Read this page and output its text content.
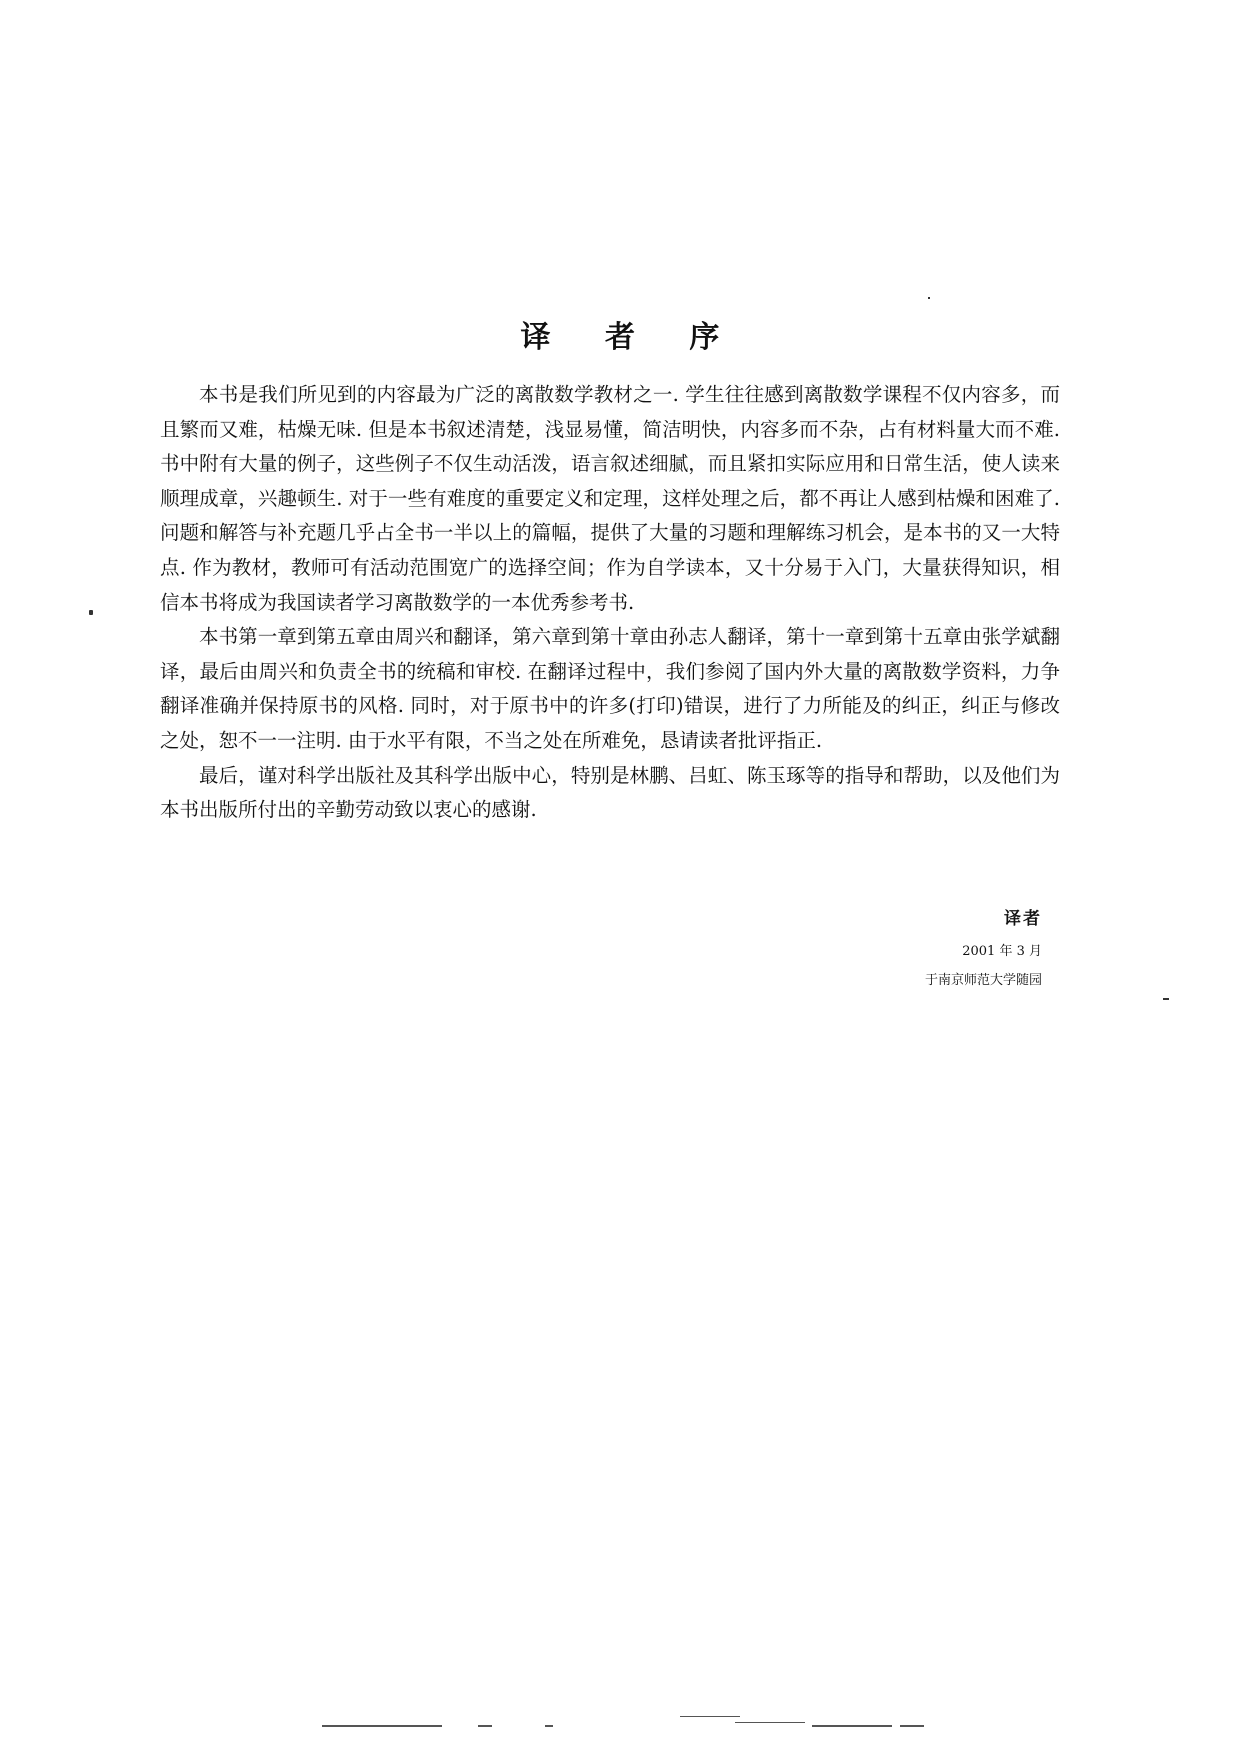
译 者 序

本书是我们所见到的内容最为广泛的离散数学教材之一. 学生往往感到离散数学课程不仅内容多，而且繁而又难，枯燥无味. 但是本书叙述清楚，浅显易懂，简洁明快，内容多而不杂，占有材料量大而不难. 书中附有大量的例子，这些例子不仅生动活泼，语言叙述细腻，而且紧扣实际应用和日常生活，使人读来顺理成章，兴趣顿生. 对于一些有难度的重要定义和定理，这样处理之后，都不再让人感到枯燥和困难了. 问题和解答与补充题几乎占全书一半以上的篇幅，提供了大量的习题和理解练习机会，是本书的又一大特点. 作为教材，教师可有活动范围宽广的选择空间；作为自学读本，又十分易于入门，大量获得知识，相信本书将成为我国读者学习离散数学的一本优秀参考书.

本书第一章到第五章由周兴和翻译，第六章到第十章由孙志人翻译，第十一章到第十五章由张学斌翻译，最后由周兴和负责全书的统稿和审校. 在翻译过程中，我们参阅了国内外大量的离散数学资料，力争翻译准确并保持原书的风格. 同时，对于原书中的许多(打印)错误，进行了力所能及的纠正，纠正与修改之处，恕不一一注明. 由于水平有限，不当之处在所难免，恳请读者批评指正.

最后，谨对科学出版社及其科学出版中心，特别是林鹏、吕虹、陈玉琢等的指导和帮助，以及他们为本书出版所付出的辛勤劳动致以衷心的感谢.

译者

2001 年 3 月

于南京师范大学随园
